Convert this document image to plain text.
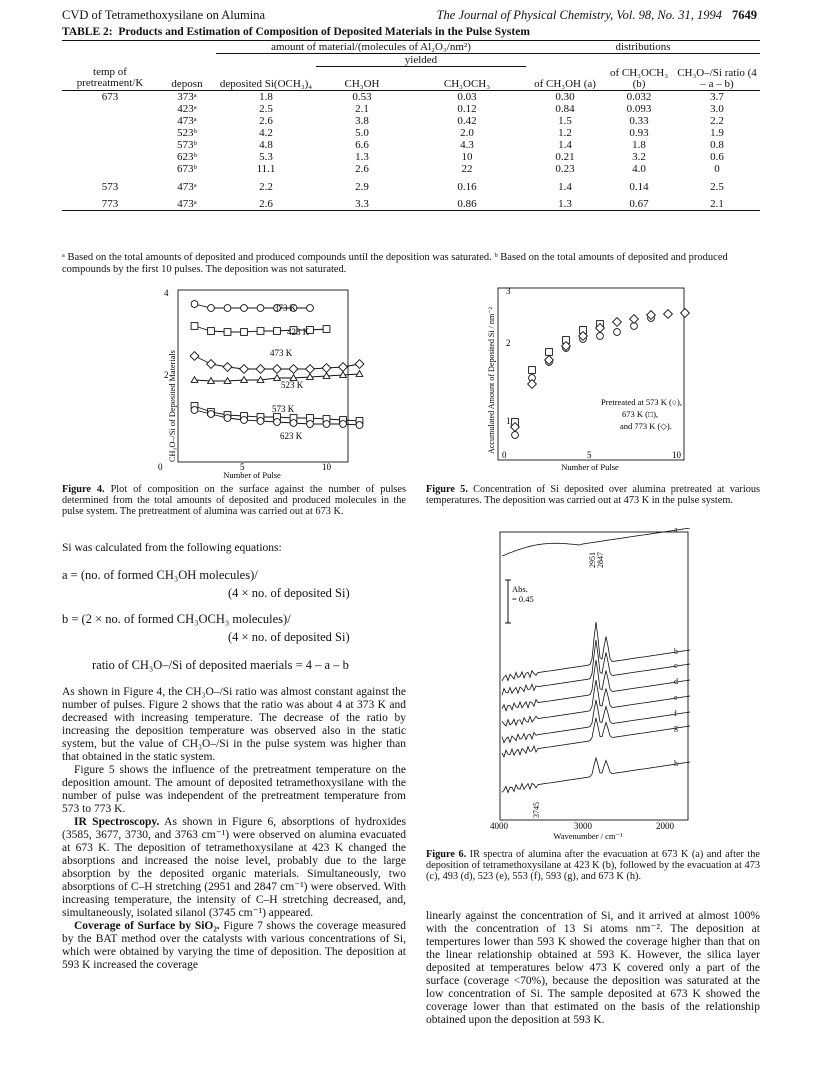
CVD of Tetramethoxysilane on Alumina	The Journal of Physical Chemistry, Vol. 98, No. 31, 1994 7649
TABLE 2: Products and Estimation of Composition of Deposited Materials in the Pulse System
		amount of material/(molecules of Al₂O₃/nm²)			distributions		
			yielded				
temp of pretreatment/K	deposn	deposited Si(OCH₃)₄	CH₃OH	CH₃OCH₃	of CH₃OH (a)	of CH₃OCH₃ (b)	CH₃O–/Si ratio (4 – a – b)
673	373ᵃ	1.8	0.53	0.03	0.30	0.032	3.7
	423ᵃ	2.5	2.1	0.12	0.84	0.093	3.0
	473ᵃ	2.6	3.8	0.42	1.5	0.33	2.2
	523ᵇ	4.2	5.0	2.0	1.2	0.93	1.9
	573ᵇ	4.8	6.6	4.3	1.4	1.8	0.8
	623ᵇ	5.3	1.3	10	0.21	3.2	0.6
	673ᵇ	11.1	2.6	22	0.23	4.0	0
573	473ᵃ	2.2	2.9	0.16	1.4	0.14	2.5
773	473ᵃ	2.6	3.3	0.86	1.3	0.67	2.1
ᵃ Based on the total amounts of deposited and produced compounds until the deposition was saturated. ᵇ Based on the total amounts of deposited and produced compounds by the first 10 pulses. The deposition was not saturated.
4
2
0	5	10
Number of Pulse
CH₃O–/Si of Deposited Materials
373 K
423 K
473 K
523 K
573 K
623 K
Figure 4. Plot of composition on the surface against the number of pulses determined from the total amounts of deposited and produced molecules in the pulse system. The pretreatment of alumina was carried out at 673 K.
3
2
1
0	5	10
Number of Pulse
Accumulated Amount of Deposited Si / nm⁻²	Pretreated at 573 K (○),
673 K (□),
and 773 K (◇).
Figure 5. Concentration of Si deposited over alumina pretreated at various temperatures. The deposition was carried out at 473 K in the pulse system.
a
b
c
d
e
f
g
h
Abs.
= 0.45
2951 2847
3745
4000	3000	2000
Wavenumber / cm⁻¹
Figure 6. IR spectra of alumina after the evacuation at 673 K (a) and after the deposition of tetramethoxysilane at 423 K (b), followed by the evacuation at 473 (c), 493 (d), 523 (e), 553 (f), 593 (g), and 673 K (h).
Si was calculated from the following equations:
a = (no. of formed CH₃OH molecules)/
(4 × no. of deposited Si)
b = (2 × no. of formed CH₃OCH₃ molecules)/
(4 × no. of deposited Si)
ratio of CH₃O–/Si of deposited maerials = 4 – a – b

As shown in Figure 4, the CH₃O–/Si ratio was almost constant against the number of pulses. Figure 2 shows that the ratio was about 4 at 373 K and decreased with increasing temperature. The decrease of the ratio by increasing the deposition temperature was observed also in the static system, but the value of CH₃O–/Si in the pulse system was higher than that obtained in the static system.

Figure 5 shows the influence of the pretreatment temperature on the deposition amount. The amount of deposited tetramethoxysilane with the number of pulse was independent of the pretreatment temperature from 573 to 773 K.

IR Spectroscopy. As shown in Figure 6, absorptions of hydroxides (3585, 3677, 3730, and 3763 cm⁻¹) were observed on alumina evacuated at 673 K. The deposition of tetramethoxysilane at 423 K changed the absorptions and increased the noise level, probably due to the large absorption by the deposited organic materials. Simultaneously, two absorptions of C–H stretching (2951 and 2847 cm⁻¹) were observed. With increasing temperature, the intensity of C–H stretching decreased, and, simultaneously, isolated silanol (3745 cm⁻¹) appeared.

Coverage of Surface by SiO₂. Figure 7 shows the coverage measured by the BAT method over the catalysts with various concentrations of Si, which were obtained by varying the time of deposition. The deposition at 593 K increased the coverage

linearly against the concentration of Si, and it arrived at almost 100% with the concentration of 13 Si atoms nm⁻². The deposition at tempertures lower than 593 K showed the coverage higher than that on the linear relationship obtained at 593 K. However, the silica layer deposited at temperatures below 473 K covered only a part of the surface (coverage <70%), because the deposition was saturated at the low concentration of Si. The sample deposited at 673 K showed the coverage lower than that estimated on the basis of the relationship obtained upon the deposition at 593 K.
